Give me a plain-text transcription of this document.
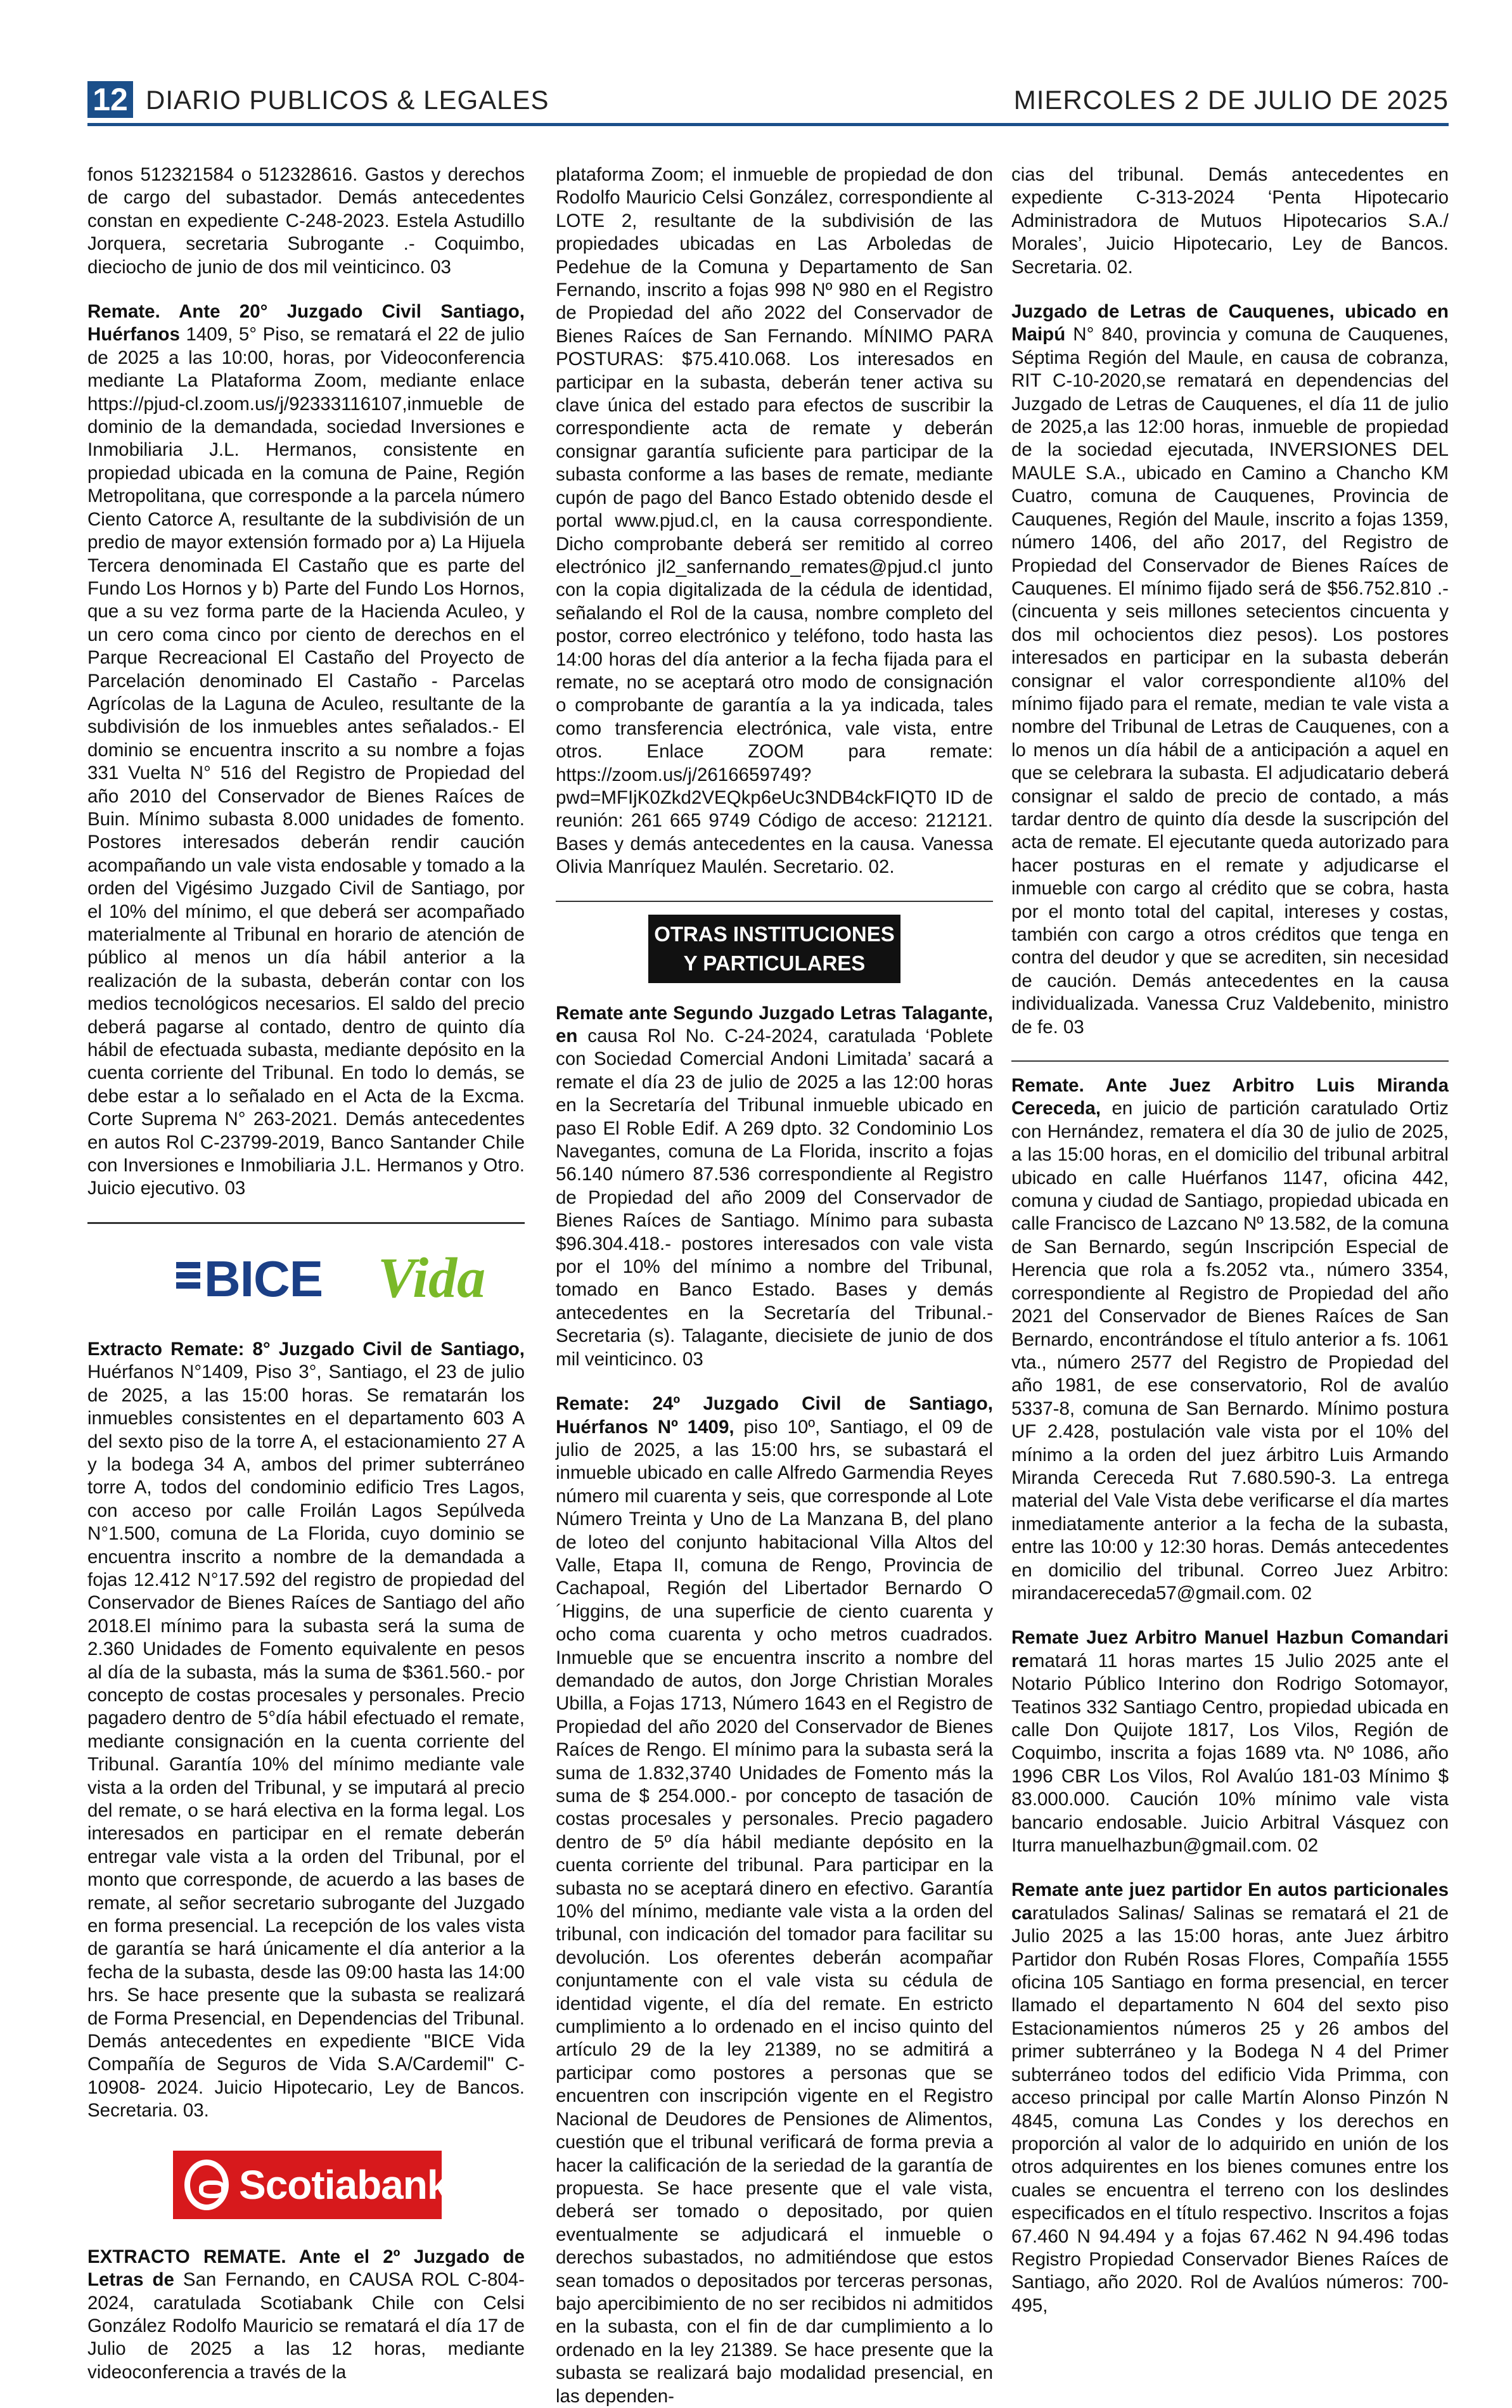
12 DIARIO PUBLICOS & LEGALES	MIERCOLES 2 DE JULIO DE 2025
fonos 512321584 o 512328616. Gastos y derechos de cargo del subastador. Demás antecedentes constan en expediente C-248-2023. Estela Astudillo Jorquera, secretaria Subrogante .- Coquimbo, dieciocho de junio de dos mil veinticinco. 03
Remate. Ante 20° Juzgado Civil Santiago, Huérfanos 1409, 5° Piso, se rematará el 22 de julio de 2025 a las 10:00, horas, por Videoconferencia mediante La Plataforma Zoom, mediante enlace https://pjud-cl.zoom.us/j/92333116107,inmueble de dominio de la demandada, sociedad Inversiones e Inmobiliaria J.L. Hermanos, consistente en propiedad ubicada en la comuna de Paine, Región Metropolitana, que corresponde a la parcela número Ciento Catorce A, resultante de la subdivisión de un predio de mayor extensión formado por a) La Hijuela Tercera denominada El Castaño que es parte del Fundo Los Hornos y b) Parte del Fundo Los Hornos, que a su vez forma parte de la Hacienda Aculeo, y un cero coma cinco por ciento de derechos en el Parque Recreacional El Castaño del Proyecto de Parcelación denominado El Castaño - Parcelas Agrícolas de la Laguna de Aculeo, resultante de la subdivisión de los inmuebles antes señalados.- El dominio se encuentra inscrito a su nombre a fojas 331 Vuelta N° 516 del Registro de Propiedad del año 2010 del Conservador de Bienes Raíces de Buin. Mínimo subasta 8.000 unidades de fomento. Postores interesados deberán rendir caución acompañando un vale vista endosable y tomado a la orden del Vigésimo Juzgado Civil de Santiago, por el 10% del mínimo, el que deberá ser acompañado materialmente al Tribunal en horario de atención de público al menos un día hábil anterior a la realización de la subasta, deberán contar con los medios tecnológicos necesarios. El saldo del precio deberá pagarse al contado, dentro de quinto día hábil de efectuada subasta, mediante depósito en la cuenta corriente del Tribunal. En todo lo demás, se debe estar a lo señalado en el Acta de la Excma. Corte Suprema N° 263-2021. Demás antecedentes en autos Rol C-23799-2019, Banco Santander Chile con Inversiones e Inmobiliaria J.L. Hermanos y Otro. Juicio ejecutivo. 03
BICE Vida
Extracto Remate: 8° Juzgado Civil de Santiago, Huérfanos N°1409, Piso 3°, Santiago, el 23 de julio de 2025, a las 15:00 horas. Se rematarán los inmuebles consistentes en el departamento 603 A del sexto piso de la torre A, el estacionamiento 27 A y la bodega 34 A, ambos del primer subterráneo torre A, todos del condominio edificio Tres Lagos, con acceso por calle Froilán Lagos Sepúlveda N°1.500, comuna de La Florida, cuyo dominio se encuentra inscrito a nombre de la demandada a fojas 12.412 N°17.592 del registro de propiedad del Conservador de Bienes Raíces de Santiago del año 2018.El mínimo para la subasta será la suma de 2.360 Unidades de Fomento equivalente en pesos al día de la subasta, más la suma de $361.560.- por concepto de costas procesales y personales. Precio pagadero dentro de 5°día hábil efectuado el remate, mediante consignación en la cuenta corriente del Tribunal. Garantía 10% del mínimo mediante vale vista a la orden del Tribunal, y se imputará al precio del remate, o se hará electiva en la forma legal. Los interesados en participar en el remate deberán entregar vale vista a la orden del Tribunal, por el monto que corresponde, de acuerdo a las bases de remate, al señor secretario subrogante del Juzgado en forma presencial. La recepción de los vales vista de garantía se hará únicamente el día anterior a la fecha de la subasta, desde las 09:00 hasta las 14:00 hrs. Se hace presente que la subasta se realizará de Forma Presencial, en Dependencias del Tribunal. Demás antecedentes en expediente "BICE Vida Compañía de Seguros de Vida S.A/Cardemil" C-10908- 2024. Juicio Hipotecario, Ley de Bancos. Secretaria. 03.
Scotiabank
EXTRACTO REMATE. Ante el 2º Juzgado de Letras de San Fernando, en CAUSA ROL C-804-2024, caratulada Scotiabank Chile con Celsi González Rodolfo Mauricio se rematará el día 17 de Julio de 2025 a las 12 horas, mediante videoconferencia a través de la
plataforma Zoom; el inmueble de propiedad de don Rodolfo Mauricio Celsi González, correspondiente al LOTE 2, resultante de la subdivisión de las propiedades ubicadas en Las Arboledas de Pedehue de la Comuna y Departamento de San Fernando, inscrito a fojas 998 Nº 980 en el Registro de Propiedad del año 2022 del Conservador de Bienes Raíces de San Fernando. MÍNIMO PARA POSTURAS: $75.410.068. Los interesados en participar en la subasta, deberán tener activa su clave única del estado para efectos de suscribir la correspondiente acta de remate y deberán consignar garantía suficiente para participar de la subasta conforme a las bases de remate, mediante cupón de pago del Banco Estado obtenido desde el portal www.pjud.cl, en la causa correspondiente. Dicho comprobante deberá ser remitido al correo electrónico jl2_sanfernando_remates@pjud.cl junto con la copia digitalizada de la cédula de identidad, señalando el Rol de la causa, nombre completo del postor, correo electrónico y teléfono, todo hasta las 14:00 horas del día anterior a la fecha fijada para el remate, no se aceptará otro modo de consignación o comprobante de garantía a la ya indicada, tales como transferencia electrónica, vale vista, entre otros. Enlace ZOOM para remate: https://zoom.us/j/2616659749?pwd=MFIjK0Zkd2VEQkp6eUc3NDB4ckFIQT0 ID de reunión: 261 665 9749 Código de acceso: 212121. Bases y demás antecedentes en la causa. Vanessa Olivia Manríquez Maulén. Secretario. 02.
OTRAS INSTITUCIONES
Y PARTICULARES
Remate ante Segundo Juzgado Letras Talagante, en causa Rol No. C-24-2024, caratulada ‘Poblete con Sociedad Comercial Andoni Limitada’ sacará a remate el día 23 de julio de 2025 a las 12:00 horas en la Secretaría del Tribunal inmueble ubicado en paso El Roble Edif. A 269 dpto. 32 Condominio Los Navegantes, comuna de La Florida, inscrito a fojas 56.140 número 87.536 correspondiente al Registro de Propiedad del año 2009 del Conservador de Bienes Raíces de Santiago. Mínimo para subasta $96.304.418.- postores interesados con vale vista por el 10% del mínimo a nombre del Tribunal, tomado en Banco Estado. Bases y demás antecedentes en la Secretaría del Tribunal.- Secretaria (s). Talagante, diecisiete de junio de dos mil veinticinco. 03
Remate: 24º Juzgado Civil de Santiago, Huérfanos Nº 1409, piso 10º, Santiago, el 09 de julio de 2025, a las 15:00 hrs, se subastará el inmueble ubicado en calle Alfredo Garmendia Reyes número mil cuarenta y seis, que corresponde al Lote Número Treinta y Uno de La Manzana B, del plano de loteo del conjunto habitacional Villa Altos del Valle, Etapa II, comuna de Rengo, Provincia de Cachapoal, Región del Libertador Bernardo O´Higgins, de una superficie de ciento cuarenta y ocho coma cuarenta y ocho metros cuadrados. Inmueble que se encuentra inscrito a nombre del demandado de autos, don Jorge Christian Morales Ubilla, a Fojas 1713, Número 1643 en el Registro de Propiedad del año 2020 del Conservador de Bienes Raíces de Rengo. El mínimo para la subasta será la suma de 1.832,3740 Unidades de Fomento más la suma de $ 254.000.- por concepto de tasación de costas procesales y personales. Precio pagadero dentro de 5º día hábil mediante depósito en la cuenta corriente del tribunal. Para participar en la subasta no se aceptará dinero en efectivo. Garantía 10% del mínimo, mediante vale vista a la orden del tribunal, con indicación del tomador para facilitar su devolución. Los oferentes deberán acompañar conjuntamente con el vale vista su cédula de identidad vigente, el día del remate. En estricto cumplimiento a lo ordenado en el inciso quinto del artículo 29 de la ley 21389, no se admitirá a participar como postores a personas que se encuentren con inscripción vigente en el Registro Nacional de Deudores de Pensiones de Alimentos, cuestión que el tribunal verificará de forma previa a hacer la calificación de la seriedad de la garantía de propuesta. Se hace presente que el vale vista, deberá ser tomado o depositado, por quien eventualmente se adjudicará el inmueble o derechos subastados, no admitiéndose que estos sean tomados o depositados por terceras personas, bajo apercibimiento de no ser recibidos ni admitidos en la subasta, con el fin de dar cumplimiento a lo ordenado en la ley 21389. Se hace presente que la subasta se realizará bajo modalidad presencial, en las dependen-
cias del tribunal. Demás antecedentes en expediente C-313-2024 ‘Penta Hipotecario Administradora de Mutuos Hipotecarios S.A./ Morales’, Juicio Hipotecario, Ley de Bancos. Secretaria. 02.
Juzgado de Letras de Cauquenes, ubicado en Maipú N° 840, provincia y comuna de Cauquenes, Séptima Región del Maule, en causa de cobranza, RIT C-10-2020,se rematará en dependencias del Juzgado de Letras de Cauquenes, el día 11 de julio de 2025,a las 12:00 horas, inmueble de propiedad de la sociedad ejecutada, INVERSIONES DEL MAULE S.A., ubicado en Camino a Chancho KM Cuatro, comuna de Cauquenes, Provincia de Cauquenes, Región del Maule, inscrito a fojas 1359, número 1406, del año 2017, del Registro de Propiedad del Conservador de Bienes Raíces de Cauquenes. El mínimo fijado será de $56.752.810 .- (cincuenta y seis millones setecientos cincuenta y dos mil ochocientos diez pesos). Los postores interesados en participar en la subasta deberán consignar el valor correspondiente al10% del mínimo fijado para el remate, median te vale vista a nombre del Tribunal de Letras de Cauquenes, con a lo menos un día hábil de a anticipación a aquel en que se celebrara la subasta. El adjudicatario deberá consignar el saldo de precio de contado, a más tardar dentro de quinto día desde la suscripción del acta de remate. El ejecutante queda autorizado para hacer posturas en el remate y adjudicarse el inmueble con cargo al crédito que se cobra, hasta por el monto total del capital, intereses y costas, también con cargo a otros créditos que tenga en contra del deudor y que se acrediten, sin necesidad de caución. Demás antecedentes en la causa individualizada. Vanessa Cruz Valdebenito, ministro de fe. 03
Remate. Ante Juez Arbitro Luis Miranda Cereceda, en juicio de partición caratulado Ortiz con Hernández, rematera el día 30 de julio de 2025, a las 15:00 horas, en el domicilio del tribunal arbitral ubicado en calle Huérfanos 1147, oficina 442, comuna y ciudad de Santiago, propiedad ubicada en calle Francisco de Lazcano Nº 13.582, de la comuna de San Bernardo, según Inscripción Especial de Herencia que rola a fs.2052 vta., número 3354, correspondiente al Registro de Propiedad del año 2021 del Conservador de Bienes Raíces de San Bernardo, encontrándose el título anterior a fs. 1061 vta., número 2577 del Registro de Propiedad del año 1981, de ese conservatorio, Rol de avalúo 5337-8, comuna de San Bernardo. Mínimo postura UF 2.428, postulación vale vista por el 10% del mínimo a la orden del juez árbitro Luis Armando Miranda Cereceda Rut 7.680.590-3. La entrega material del Vale Vista debe verificarse el día martes inmediatamente anterior a la fecha de la subasta, entre las 10:00 y 12:30 horas. Demás antecedentes en domicilio del tribunal. Correo Juez Arbitro: mirandacereceda57@gmail.com. 02
Remate Juez Arbitro Manuel Hazbun Comandari rematará 11 horas martes 15 Julio 2025 ante el Notario Público Interino don Rodrigo Sotomayor, Teatinos 332 Santiago Centro, propiedad ubicada en calle Don Quijote 1817, Los Vilos, Región de Coquimbo, inscrita a fojas 1689 vta. Nº 1086, año 1996 CBR Los Vilos, Rol Avalúo 181-03 Mínimo $ 83.000.000. Caución 10% mínimo vale vista bancario endosable. Juicio Arbitral Vásquez con Iturra manuelhazbun@gmail.com. 02
Remate ante juez partidor En autos particionales caratulados Salinas/ Salinas se rematará el 21 de Julio 2025 a las 15:00 horas, ante Juez árbitro Partidor don Rubén Rosas Flores, Compañía 1555 oficina 105 Santiago en forma presencial, en tercer llamado el departamento N 604 del sexto piso Estacionamientos números 25 y 26 ambos del primer subterráneo y la Bodega N 4 del Primer subterráneo todos del edificio Vida Primma, con acceso principal por calle Martín Alonso Pinzón N 4845, comuna Las Condes y los derechos en proporción al valor de lo adquirido en unión de los otros adquirentes en los bienes comunes entre los cuales se encuentra el terreno con los deslindes especificados en el título respectivo. Inscritos a fojas 67.460 N 94.494 y a fojas 67.462 N 94.496 todas Registro Propiedad Conservador Bienes Raíces de Santiago, año 2020. Rol de Avalúos números: 700-495,
